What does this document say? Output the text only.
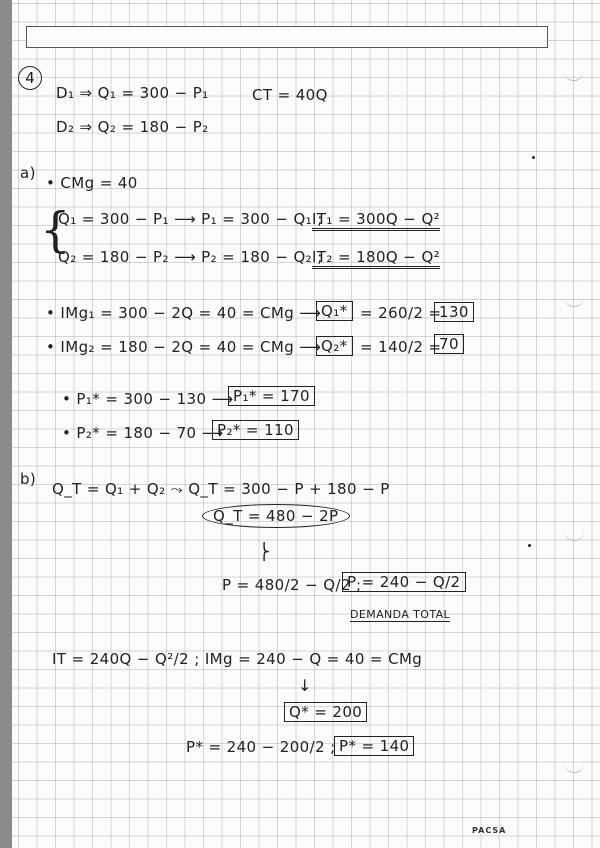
4
D₁ ⇒ Q₁ = 300 − P₁	CT = 40Q
D₂ ⇒ Q₂ = 180 − P₂
a)
• CMg = 40
{
Q₁ = 300 − P₁ ⟶ P₁ = 300 − Q₁ ;
IT₁ = 300Q − Q²
Q₂ = 180 − P₂ ⟶ P₂ = 180 − Q₂ ;
IT₂ = 180Q − Q²
• IMg₁ = 300 − 2Q = 40 = CMg ⟶ Q₁* = 260/2 =
130
• IMg₂ = 180 − 2Q = 40 = CMg ⟶ Q₂* = 140/2 =
70
• P₁* = 300 − 130 ⟶ P₁* = 170
• P₂* = 180 − 70 ⟶
P₂* = 110
b)
Q_T = Q₁ + Q₂ ⤳ Q_T = 300 − P + 180 − P
Q_T = 480 − 2P
⎬
P = 480/2 − Q/2 ;
P = 240 − Q/2
DEMANDA TOTAL
IT = 240Q − Q²/2 ; IMg = 240 − Q = 40 = CMg
↓
Q* = 200
P* = 240 − 200/2 ; P* = 140
PACSA
